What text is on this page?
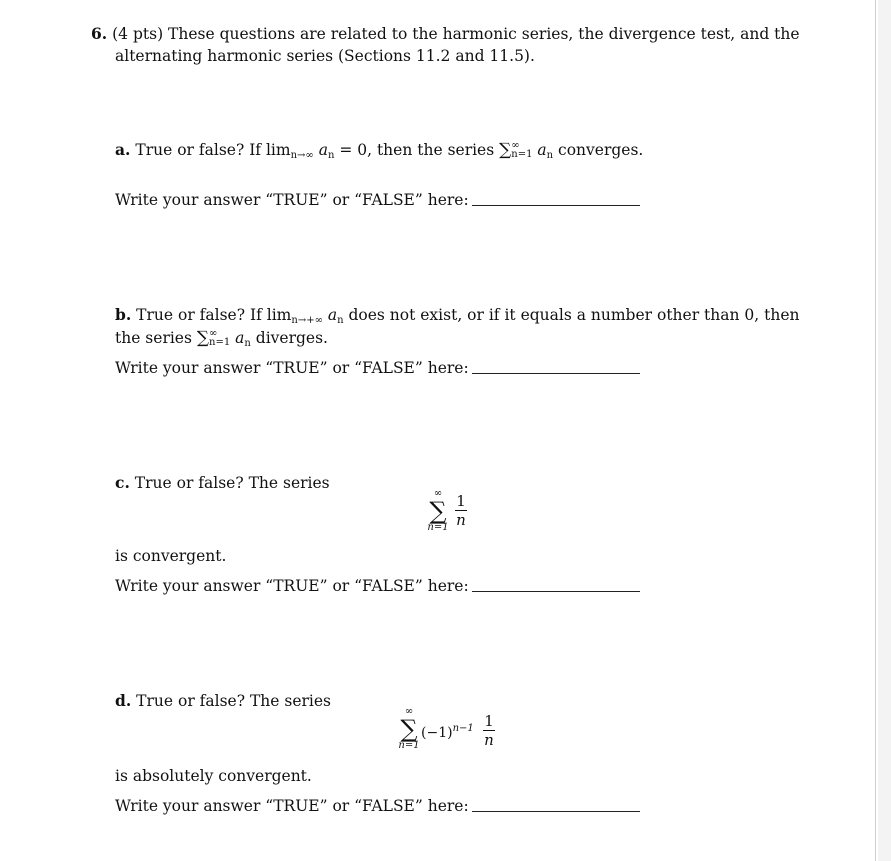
6. (4 pts) These questions are related to the harmonic series, the divergence test, and the
alternating harmonic series (Sections 11.2 and 11.5).
a. True or false? If $\lim_{n\to\infty} a_n = 0$, then the series ∑ ∞
n=1 $a_n$ converges.
Write your answer “TRUE” or “FALSE” here:
b. True or false? If $\lim_{n\to+\infty} a_n$ does not exist, or if it equals a number other than 0, then
the series ∑ ∞
n=1 $a_n$ diverges.
Write your answer “TRUE” or “FALSE” here:
c. True or false? The series
∞
∑
n=1
1
n
is convergent.
Write your answer “TRUE” or “FALSE” here:
d. True or false? The series
∞
∑
n=1
$(-1)^{n-1}$ 1
n
is absolutely convergent.
Write your answer “TRUE” or “FALSE” here:
